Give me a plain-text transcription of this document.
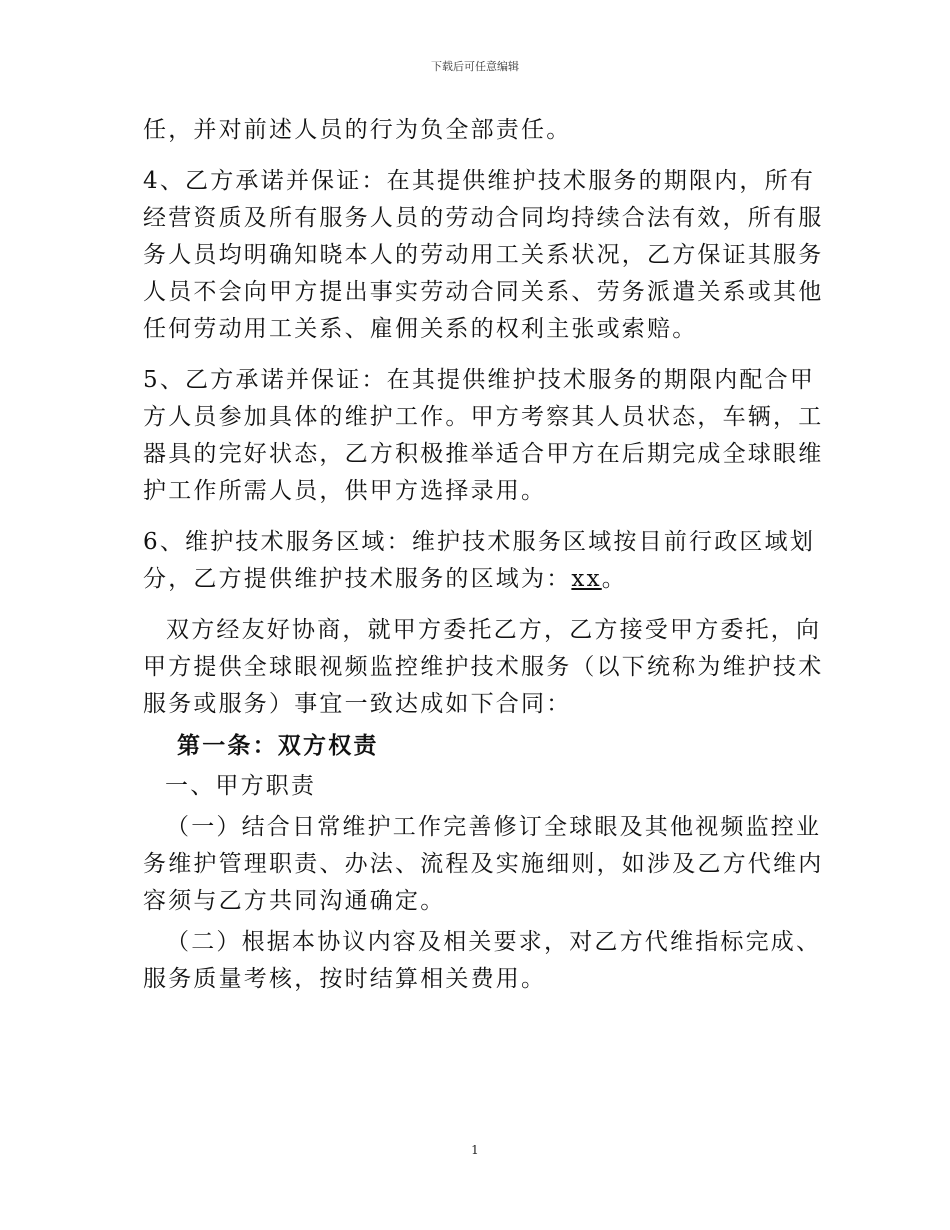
下载后可任意编辑

任，并对前述人员的行为负全部责任。

4、乙方承诺并保证：在其提供维护技术服务的期限内，所有经营资质及所有服务人员的劳动合同均持续合法有效，所有服务人员均明确知晓本人的劳动用工关系状况，乙方保证其服务人员不会向甲方提出事实劳动合同关系、劳务派遣关系或其他任何劳动用工关系、雇佣关系的权利主张或索赔。

5、乙方承诺并保证：在其提供维护技术服务的期限内配合甲方人员参加具体的维护工作。甲方考察其人员状态，车辆，工器具的完好状态，乙方积极推举适合甲方在后期完成全球眼维护工作所需人员，供甲方选择录用。

6、维护技术服务区域：维护技术服务区域按目前行政区域划分，乙方提供维护技术服务的区域为：xx。

双方经友好协商，就甲方委托乙方，乙方接受甲方委托，向甲方提供全球眼视频监控维护技术服务（以下统称为维护技术服务或服务）事宜一致达成如下合同：

第一条：双方权责

一、甲方职责

（一）结合日常维护工作完善修订全球眼及其他视频监控业务维护管理职责、办法、流程及实施细则，如涉及乙方代维内容须与乙方共同沟通确定。

（二）根据本协议内容及相关要求，对乙方代维指标完成、服务质量考核，按时结算相关费用。

1
